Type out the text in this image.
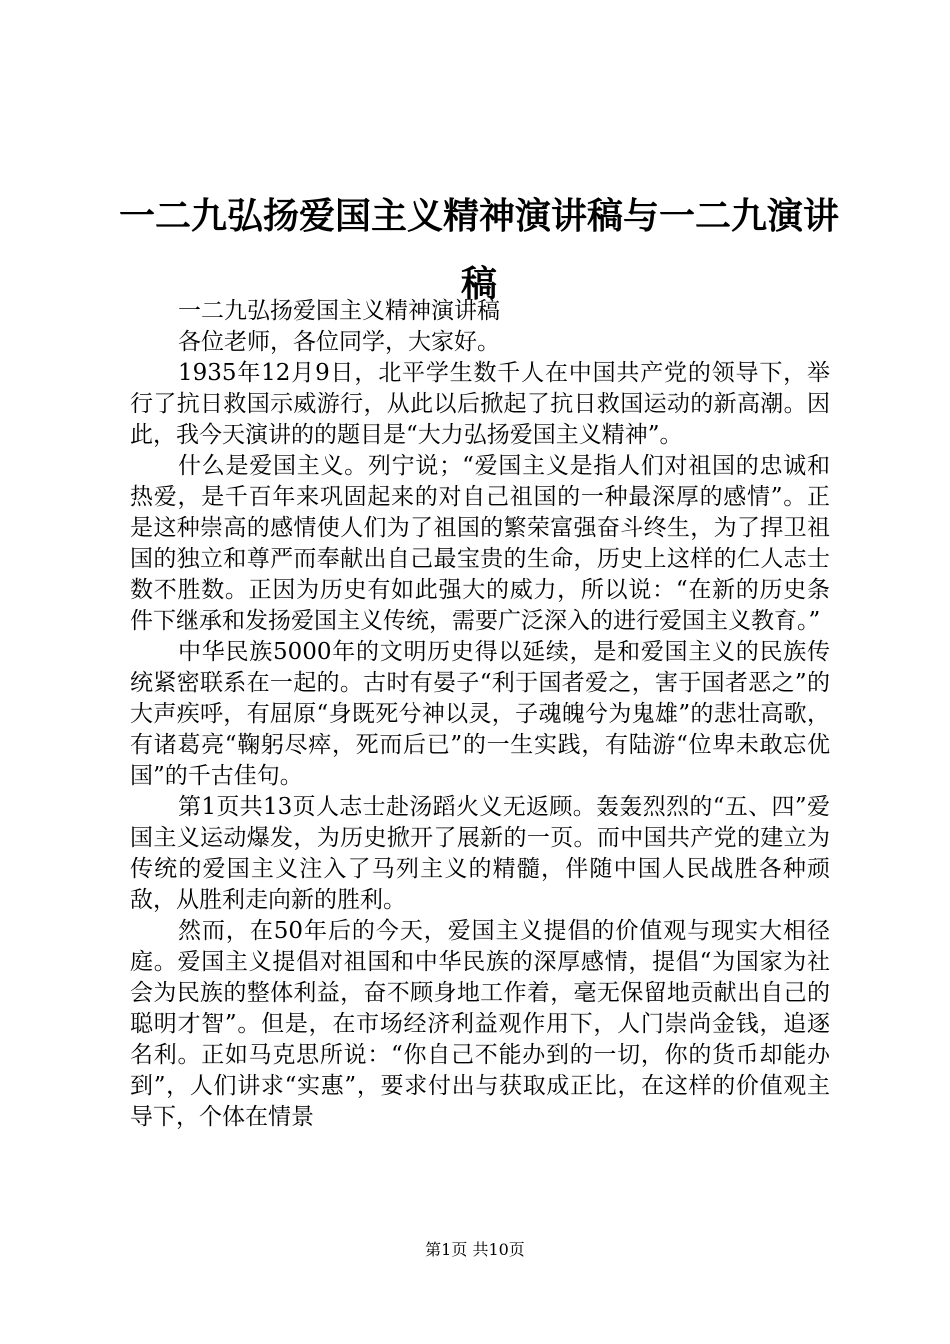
一二九弘扬爱国主义精神演讲稿与一二九演讲稿

一二九弘扬爱国主义精神演讲稿

各位老师，各位同学，大家好。

1935年12月9日，北平学生数千人在中国共产党的领导下，举行了抗日救国示威游行，从此以后掀起了抗日救国运动的新高潮。因此，我今天演讲的的题目是“大力弘扬爱国主义精神”。

什么是爱国主义。列宁说；“爱国主义是指人们对祖国的忠诚和热爱，是千百年来巩固起来的对自己祖国的一种最深厚的感情”。正是这种崇高的感情使人们为了祖国的繁荣富强奋斗终生，为了捍卫祖国的独立和尊严而奉献出自己最宝贵的生命，历史上这样的仁人志士数不胜数。正因为历史有如此强大的威力，所以说：“在新的历史条件下继承和发扬爱国主义传统，需要广泛深入的进行爱国主义教育。”

中华民族5000年的文明历史得以延续，是和爱国主义的民族传统紧密联系在一起的。古时有晏子“利于国者爱之，害于国者恶之”的大声疾呼，有屈原“身既死兮神以灵，子魂魄兮为鬼雄”的悲壮高歌，有诸葛亮“鞠躬尽瘁，死而后已”的一生实践，有陆游“位卑未敢忘优国”的千古佳句。

第1页共13页人志士赴汤蹈火义无返顾。轰轰烈烈的“五、四”爱国主义运动爆发，为历史掀开了展新的一页。而中国共产党的建立为传统的爱国主义注入了马列主义的精髓，伴随中国人民战胜各种顽敌，从胜利走向新的胜利。

然而，在50年后的今天，爱国主义提倡的价值观与现实大相径庭。爱国主义提倡对祖国和中华民族的深厚感情，提倡“为国家为社会为民族的整体利益，奋不顾身地工作着，毫无保留地贡献出自己的聪明才智”。但是，在市场经济利益观作用下，人门崇尚金钱，追逐名利。正如马克思所说：“你自己不能办到的一切，你的货币却能办到”，人们讲求“实惠”，要求付出与获取成正比，在这样的价值观主导下，个体在情景

第1页 共10页
